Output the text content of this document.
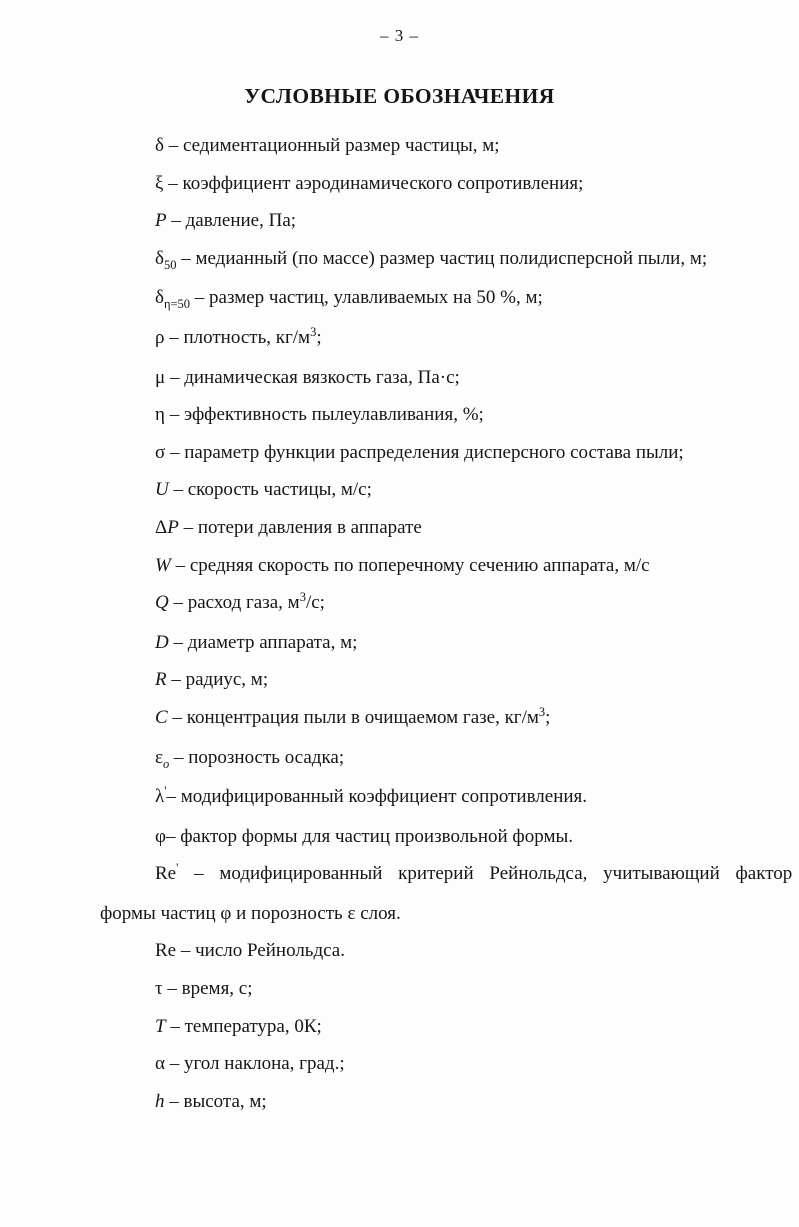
– 3 –
УСЛОВНЫЕ ОБОЗНАЧЕНИЯ
δ – седиментационный размер частицы, м;
ξ – коэффициент аэродинамического сопротивления;
P – давление, Па;
$\delta_{50}$ – медианный (по массе) размер частиц полидисперсной пыли, м;
$\delta_{\eta=50}$ – размер частиц, улавливаемых на 50 %, м;
ρ – плотность, $кг/м^3$;
μ – динамическая вязкость газа, Па·с;
η – эффективность пылеулавливания, %;
σ – параметр функции распределения дисперсного состава пыли;
U – скорость частицы, м/с;
ΔP – потери давления в аппарате
W – средняя скорость по поперечному сечению аппарата, м/с
Q – расход газа, $м^3/с$;
D – диаметр аппарата, м;
R – радиус, м;
C – концентрация пыли в очищаемом газе, $кг/м^3$;
$\varepsilon_o$ – порозность осадка;
λ'– модифицированный коэффициент сопротивления.
φ– фактор формы для частиц произвольной формы.
Re' – модифицированный критерий Рейнольдса, учитывающий фактор
формы частиц φ и порозность ε слоя.
Re – число Рейнольдса.
τ – время, с;
T – температура, 0К;
α – угол наклона, град.;
h – высота, м;
